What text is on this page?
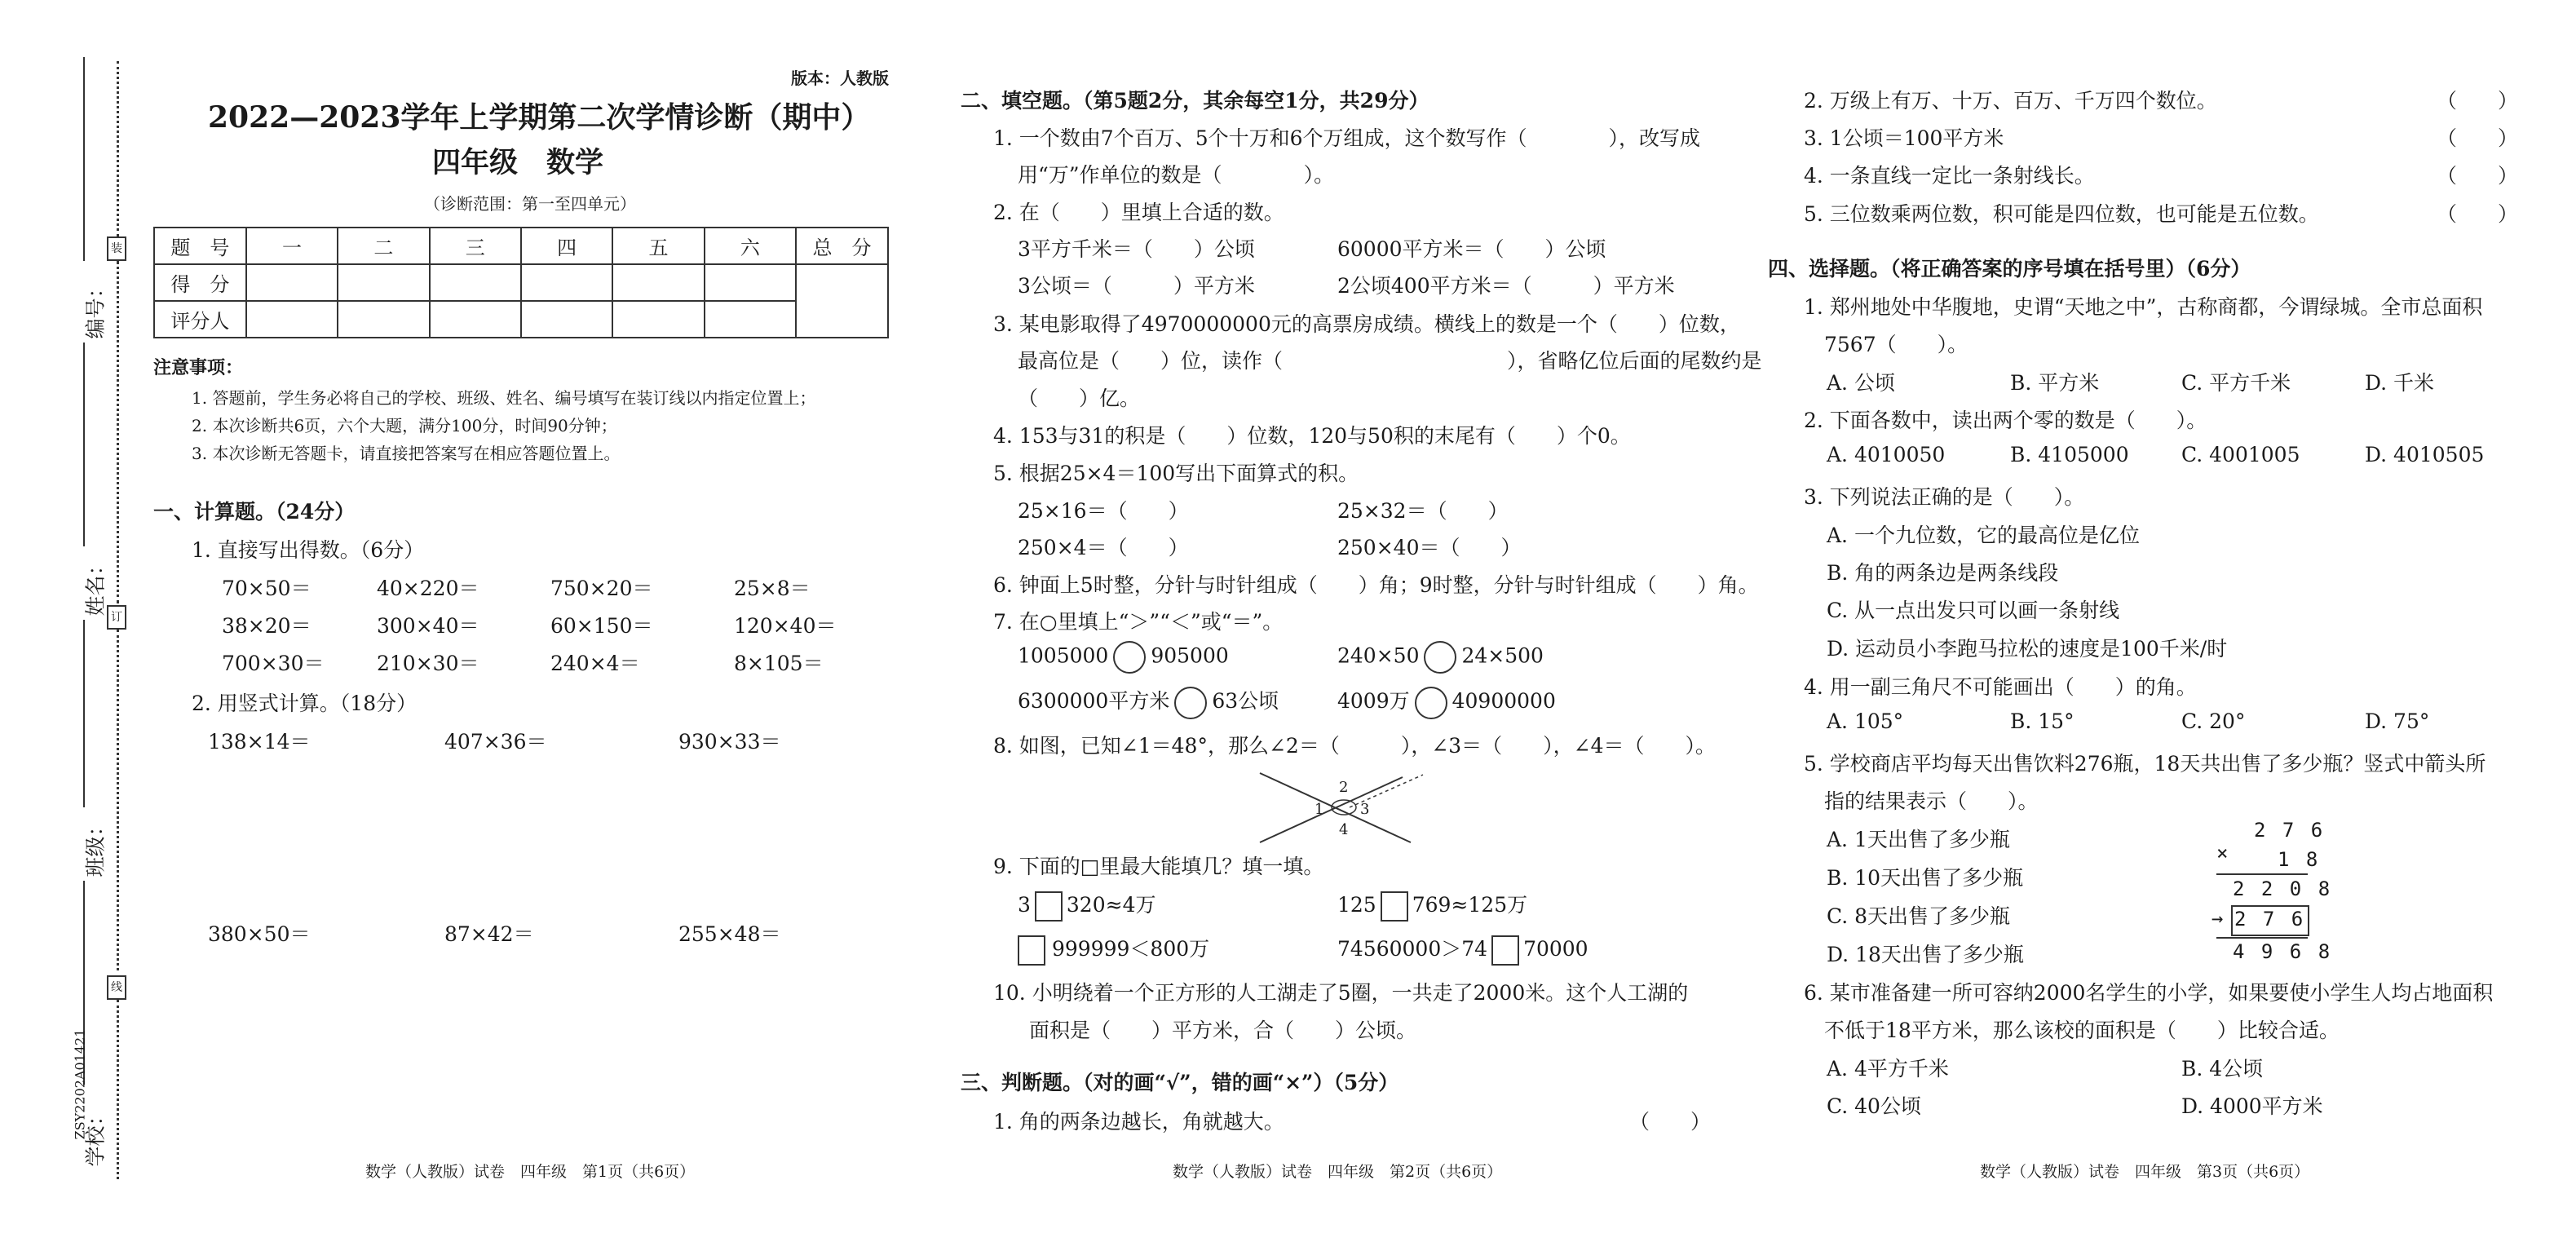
装
订
线
编号：
姓名：
班级：
学校：
ZSY2202A01421
版本：人教版
2022—2023学年上学期第二次学情诊断（期中）
四年级　数学
（诊断范围：第一至四单元）
题　号	一	二	三	四	五	六	总　分
得　分							
评分人							
注意事项：
1. 答题前，学生务必将自己的学校、班级、姓名、编号填写在装订线以内指定位置上；
2. 本次诊断共6页，六个大题，满分100分，时间90分钟；
3. 本次诊断无答题卡，请直接把答案写在相应答题位置上。
一、计算题。（24分）
1. 直接写出得数。（6分）
70×50＝	40×220＝	750×20＝	25×8＝
38×20＝	300×40＝	60×150＝	120×40＝
700×30＝	210×30＝	240×4＝	8×105＝
2. 用竖式计算。（18分）
138×14＝	407×36＝	930×33＝
380×50＝	87×42＝	255×48＝
数学（人教版）试卷　四年级　第1页（共6页）
二、填空题。（第5题2分，其余每空1分，共29分）
1. 一个数由7个百万、5个十万和6个万组成，这个数写作（　　　　），改写成
用“万”作单位的数是（　　　　）。
2. 在（　　）里填上合适的数。
3平方千米＝（　　）公顷	60000平方米＝（　　）公顷
3公顷＝（　　　）平方米	2公顷400平方米＝（　　　）平方米
3. 某电影取得了4970000000元的高票房成绩。横线上的数是一个（　　）位数，
最高位是（　　）位，读作（　　　　　　　　　　　），省略亿位后面的尾数约是
（　　）亿。
4. 153与31的积是（　　）位数，120与50积的末尾有（　　）个0。
5. 根据25×4＝100写出下面算式的积。
25×16＝（　　）	25×32＝（　　）
250×4＝（　　）	250×40＝（　　）
6. 钟面上5时整，分针与时针组成（　　）角；9时整，分针与时针组成（　　）角。
7. 在○里填上“＞”“＜”或“＝”。
1005000 905000	240×50 24×500
6300000平方米 63公顷	4009万 40900000
8. 如图，已知∠1＝48°，那么∠2＝（　　　），∠3＝（　　），∠4＝（　　）。
1
2
3
4
9. 下面的□里最大能填几？填一填。
3 320≈4万	125 769≈125万
999999＜800万	74560000＞74 70000
10. 小明绕着一个正方形的人工湖走了5圈，一共走了2000米。这个人工湖的
面积是（　　）平方米，合（　　）公顷。
三、判断题。（对的画“√”，错的画“×”）（5分）
1. 角的两条边越长，角就越大。	（　　）
数学（人教版）试卷　四年级　第2页（共6页）
2. 万级上有万、十万、百万、千万四个数位。	（　　）
3. 1公顷＝100平方米	（　　）
4. 一条直线一定比一条射线长。	（　　）
5. 三位数乘两位数，积可能是四位数，也可能是五位数。	（　　）
四、选择题。（将正确答案的序号填在括号里）（6分）
1. 郑州地处中华腹地，史谓“天地之中”，古称商都，今谓绿城。全市总面积
7567（　　）。
A. 公顷	B. 平方米	C. 平方千米	D. 千米
2. 下面各数中，读出两个零的数是（　　）。
A. 4010050	B. 4105000	C. 4001005	D. 4010505
3. 下列说法正确的是（　　）。
A. 一个九位数，它的最高位是亿位
B. 角的两条边是两条线段
C. 从一点出发只可以画一条射线
D. 运动员小李跑马拉松的速度是100千米/时
4. 用一副三角尺不可能画出（　　）的角。
A. 105°	B. 15°	C. 20°	D. 75°
5. 学校商店平均每天出售饮料276瓶，18天共出售了多少瓶？竖式中箭头所
指的结果表示（　　）。
A. 1天出售了多少瓶
B. 10天出售了多少瓶
C. 8天出售了多少瓶
D. 18天出售了多少瓶
2 7 6
× 1 8
2 2 0 8
→ 2 7 6
4 9 6 8
6. 某市准备建一所可容纳2000名学生的小学，如果要使小学生人均占地面积
不低于18平方米，那么该校的面积是（　　）比较合适。
A. 4平方千米	B. 4公顷
C. 40公顷	D. 4000平方米
数学（人教版）试卷　四年级　第3页（共6页）
